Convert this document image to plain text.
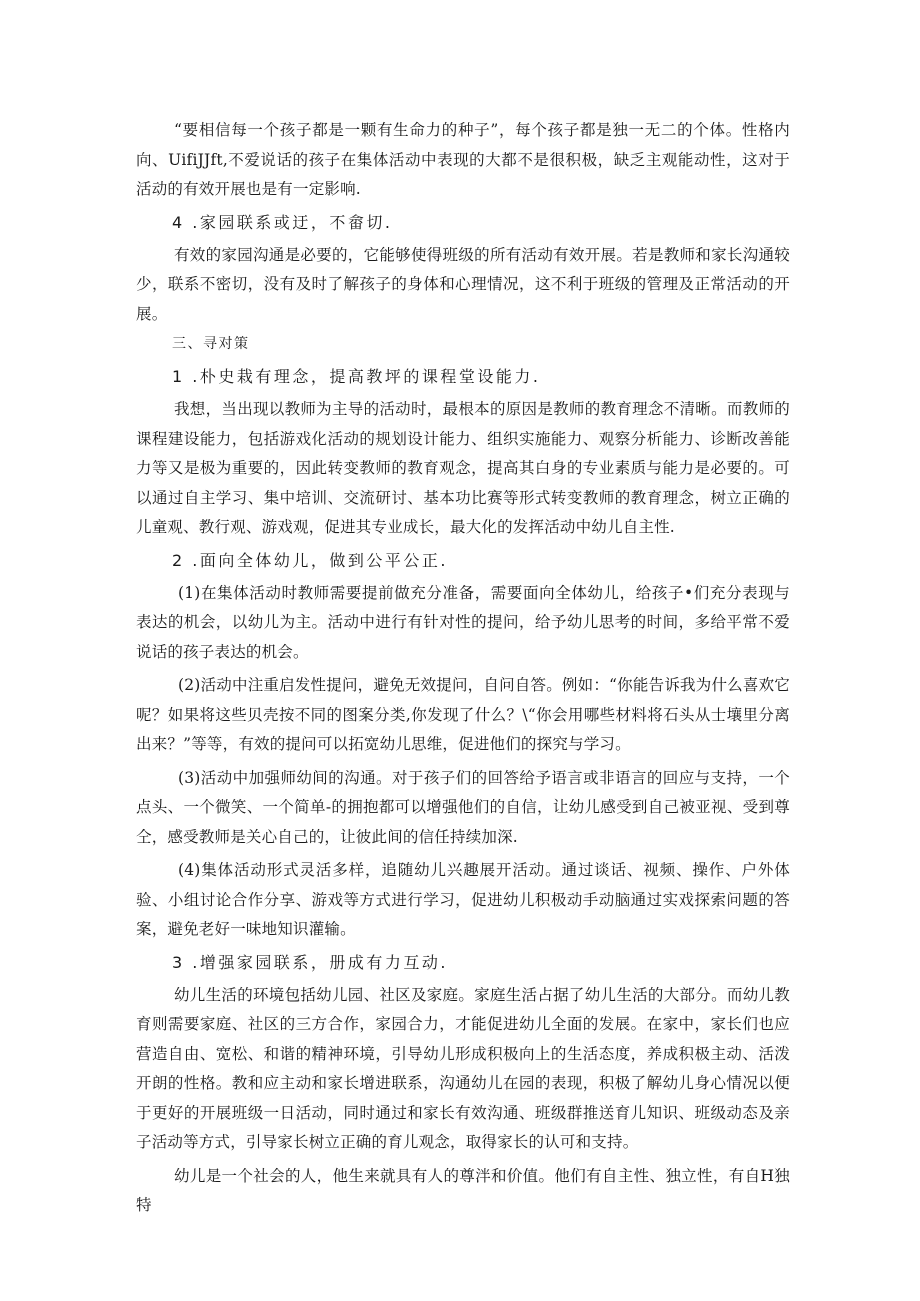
“要相信每一个孩子都是一颗有生命力的种子”，每个孩子都是独一无二的个体。性格内向、UifiJJft,不爱说话的孩子在集体活动中表现的大都不是很积极，缺乏主观能动性，这对于活动的有效开展也是有一定影响.

4 .家园联系或迂，不畲切.

有效的家园沟通是必要的，它能够使得班级的所有活动有效开展。若是教师和家长沟通较少，联系不密切，没有及时了解孩子的身体和心理情况，这不利于班级的管理及正常活动的开展。

三、寻对策
1 .朴史栽有理念，提高教坪的课程堂设能力.

我想，当出现以教师为主导的活动时，最根本的原因是教师的教育理念不清晰。而教师的课程建设能力，包括游戏化活动的规划设计能力、组织实施能力、观察分析能力、诊断改善能力等又是极为重要的，因此转变教师的教育观念，提高其白身的专业素质与能力是必要的。可以通过自主学习、集中培训、交流研讨、基本功比赛等形式转变教师的教育理念，树立正确的儿童观、教行观、游戏观，促进其专业成长，最大化的发挥活动中幼儿自主性.

2 .面向全体幼儿，做到公平公正.

(1)在集体活动时教师需要提前做充分准备，需要面向全体幼儿，给孩子•们充分表现与表达的机会，以幼儿为主。活动中进行有针对性的提问，给予幼儿思考的时间，多给平常不爱说话的孩子表达的机会。

(2)活动中注重启发性提问，避免无效提问，自问自答。例如：“你能告诉我为什么喜欢它呢？如果将这些贝壳按不同的图案分类,你发现了什么？\“你会用哪些材料将石头从士壤里分离出来？”等等，有效的提问可以拓宽幼儿思维，促进他们的探究与学习。

(3)活动中加强师幼间的沟通。对于孩子们的回答给予语言或非语言的回应与支持，一个点头、一个微笑、一个简单-的拥抱都可以增强他们的自信，让幼儿感受到自己被亚视、受到尊仝，感受教师是关心自己的，让彼此间的信任持续加深.

(4)集体活动形式灵活多样，追随幼儿兴趣展开活动。通过谈话、视频、操作、户外体验、小组讨论合作分享、游戏等方式进行学习，促进幼儿积极动手动脑通过实戏探索问题的答案，避免老好一味地知识灌输。

3 .增强家园联系，册成有力互动.

幼儿生活的环境包括幼儿园、社区及家庭。家庭生活占据了幼儿生活的大部分。而幼儿教育则需要家庭、社区的三方合作，家园合力，才能促进幼儿全面的发展。在家中，家长们也应营造自由、宽松、和谐的精神环境，引导幼儿形成积极向上的生活态度，养成积极主动、活泼开朗的性格。教和应主动和家长增进联系，沟通幼儿在园的表现，积极了解幼儿身心情况以便于更好的开展班级一日活动，同时通过和家长有效沟通、班级群推送育儿知识、班级动态及亲子活动等方式，引导家长树立正确的育儿观念，取得家长的认可和支持。

幼儿是一个社会的人，他生来就具有人的尊泮和价值。他们有自主性、独立性，有自H独特
